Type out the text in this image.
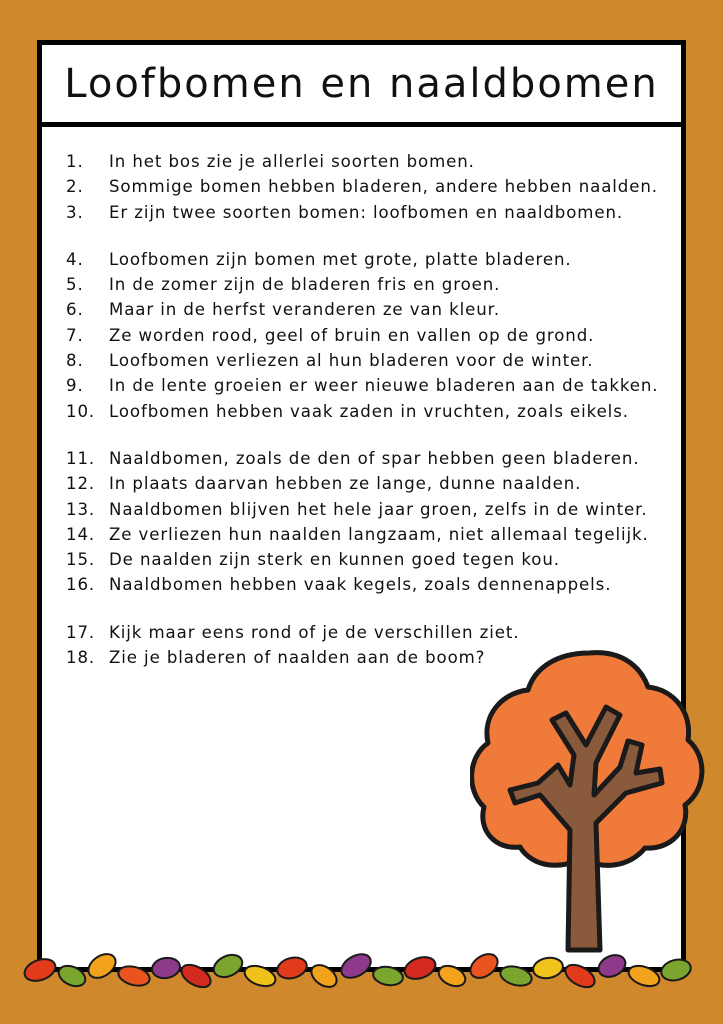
Loofbomen en naaldbomen
1.	In het bos zie je allerlei soorten bomen.
2.	Sommige bomen hebben bladeren, andere hebben naalden.
3.	Er zijn twee soorten bomen: loofbomen en naaldbomen.
4.	Loofbomen zijn bomen met grote, platte bladeren.
5.	In de zomer zijn de bladeren fris en groen.
6.	Maar in de herfst veranderen ze van kleur.
7.	Ze worden rood, geel of bruin en vallen op de grond.
8.	Loofbomen verliezen al hun bladeren voor de winter.
9.	In de lente groeien er weer nieuwe bladeren aan de takken.
10. Loofbomen hebben vaak zaden in vruchten, zoals eikels.
11. Naaldbomen, zoals de den of spar hebben geen bladeren.
12. In plaats daarvan hebben ze lange, dunne naalden.
13. Naaldbomen blijven het hele jaar groen, zelfs in de winter.
14. Ze verliezen hun naalden langzaam, niet allemaal tegelijk.
15. De naalden zijn sterk en kunnen goed tegen kou.
16. Naaldbomen hebben vaak kegels, zoals dennenappels.
17. Kijk maar eens rond of je de verschillen ziet.
18. Zie je bladeren of naalden aan de boom?
